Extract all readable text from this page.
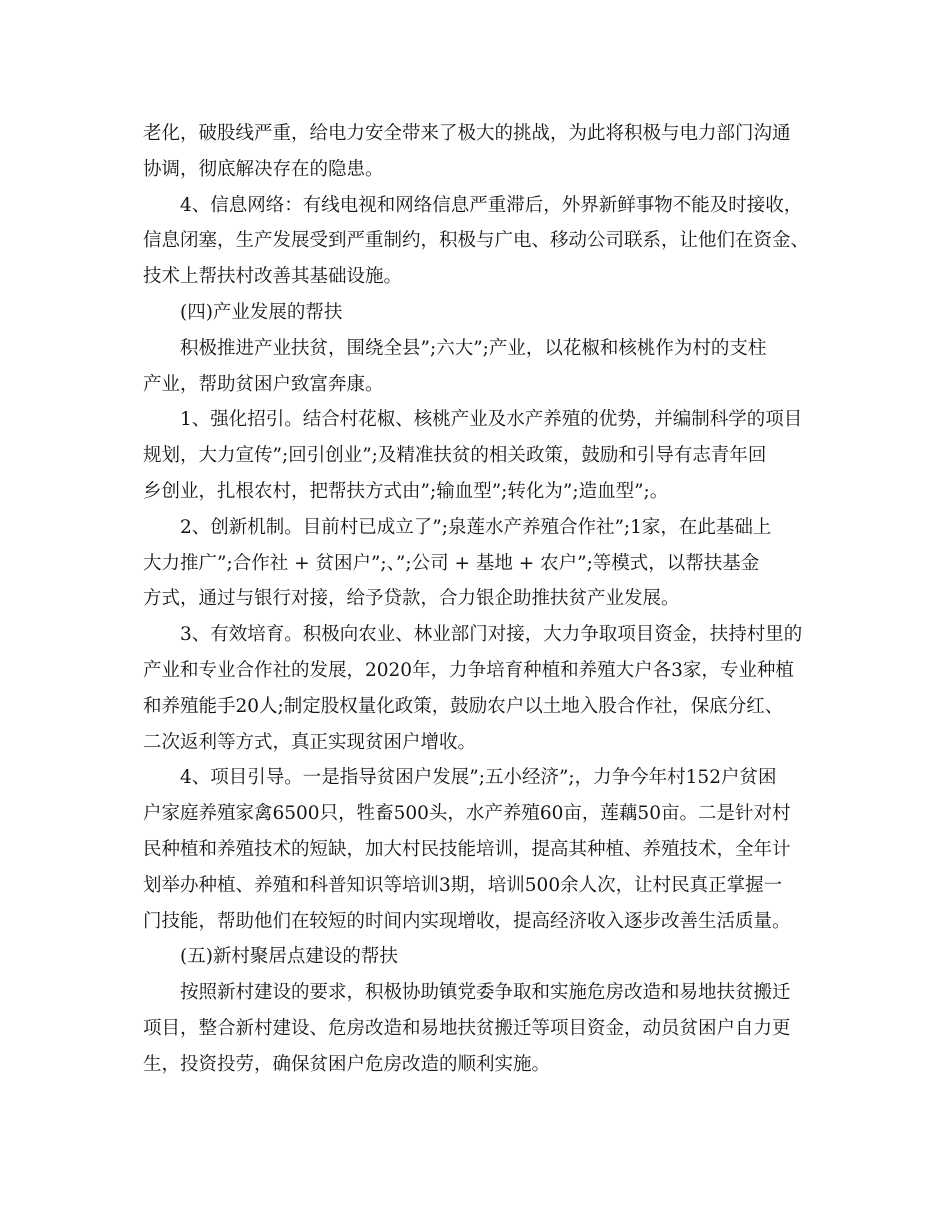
老化，破股线严重，给电力安全带来了极大的挑战，为此将积极与电力部门沟通
协调，彻底解决存在的隐患。
4、信息网络：有线电视和网络信息严重滞后，外界新鲜事物不能及时接收，
信息闭塞，生产发展受到严重制约，积极与广电、移动公司联系，让他们在资金、
技术上帮扶村改善其基础设施。
(四)产业发展的帮扶
积极推进产业扶贫，围绕全县”;六大”;产业，以花椒和核桃作为村的支柱
产业，帮助贫困户致富奔康。
1、强化招引。结合村花椒、核桃产业及水产养殖的优势，并编制科学的项目
规划，大力宣传”;回引创业”;及精准扶贫的相关政策，鼓励和引导有志青年回
乡创业，扎根农村，把帮扶方式由”;输血型”;转化为”;造血型”;。
2、创新机制。目前村已成立了”;泉莲水产养殖合作社”;1家，在此基础上
大力推广”;合作社 + 贫困户”;、”;公司 + 基地 + 农户”;等模式，以帮扶基金
方式，通过与银行对接，给予贷款，合力银企助推扶贫产业发展。
3、有效培育。积极向农业、林业部门对接，大力争取项目资金，扶持村里的
产业和专业合作社的发展，2020年，力争培育种植和养殖大户各3家，专业种植
和养殖能手20人;制定股权量化政策，鼓励农户以土地入股合作社，保底分红、
二次返利等方式，真正实现贫困户增收。
4、项目引导。一是指导贫困户发展”;五小经济”;，力争今年村152户贫困
户家庭养殖家禽6500只，牲畜500头，水产养殖60亩，莲藕50亩。二是针对村
民种植和养殖技术的短缺，加大村民技能培训，提高其种植、养殖技术，全年计
划举办种植、养殖和科普知识等培训3期，培训500余人次，让村民真正掌握一
门技能，帮助他们在较短的时间内实现增收，提高经济收入逐步改善生活质量。
(五)新村聚居点建设的帮扶
按照新村建设的要求，积极协助镇党委争取和实施危房改造和易地扶贫搬迁
项目，整合新村建设、危房改造和易地扶贫搬迁等项目资金，动员贫困户自力更
生，投资投劳，确保贫困户危房改造的顺利实施。
